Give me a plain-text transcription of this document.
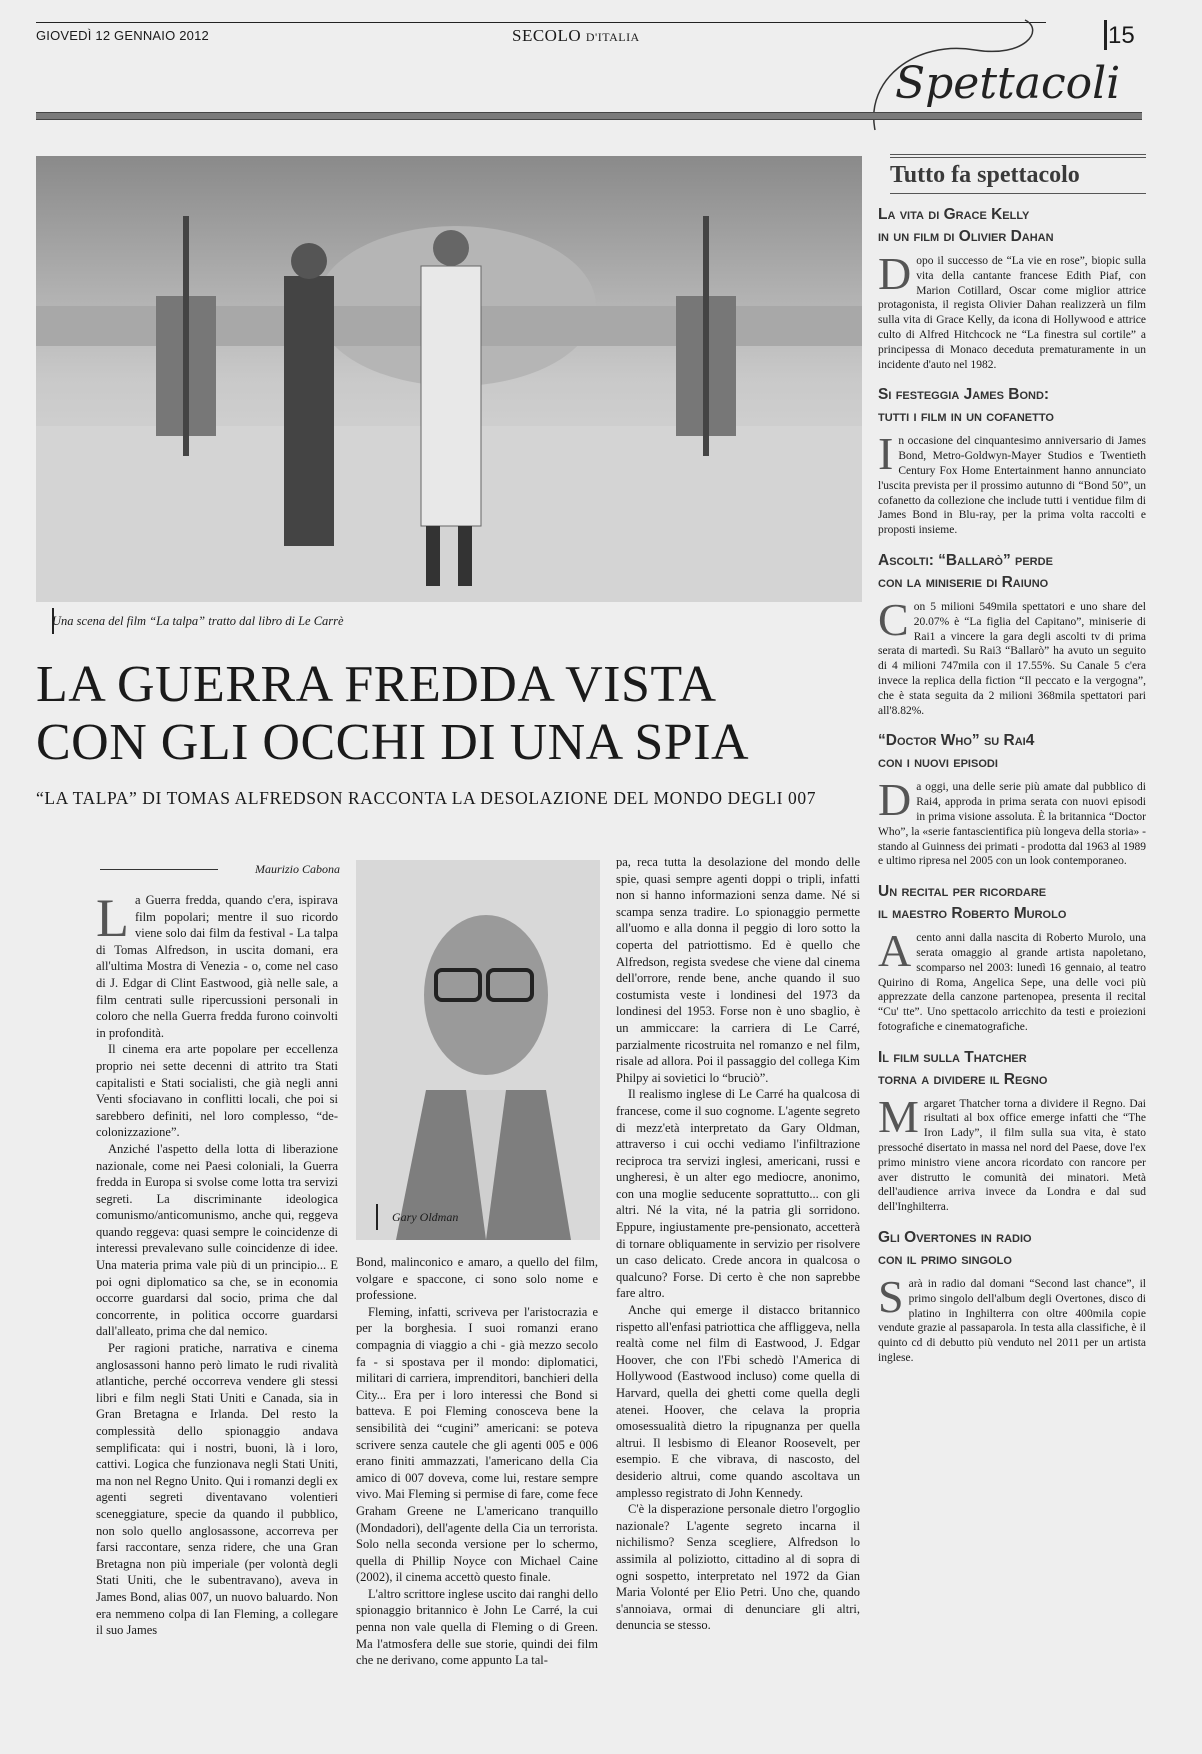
GIOVEDÌ 12 GENNAIO 2012	SECOLO D'ITALIA	15
Spettacoli
Una scena del film “La talpa” tratto dal libro di Le Carrè
LA GUERRA FREDDA VISTA
CON GLI OCCHI DI UNA SPIA
“LA TALPA” DI TOMAS ALFREDSON RACCONTA LA DESOLAZIONE DEL MONDO DEGLI 007
Maurizio Cabona

La Guerra fredda, quando c'era, ispirava film popolari; mentre il suo ricordo viene solo dai film da festival - La talpa di Tomas Alfredson, in uscita domani, era all'ultima Mostra di Venezia - o, come nel caso di J. Edgar di Clint Eastwood, già nelle sale, a film centrati sulle ripercussioni personali in coloro che nella Guerra fredda furono coinvolti in profondità.

Il cinema era arte popolare per eccellenza proprio nei sette decenni di attrito tra Stati capitalisti e Stati socialisti, che già negli anni Venti sfociavano in conflitti locali, che poi si sarebbero definiti, nel loro complesso, “de-colonizzazione”.

Anziché l'aspetto della lotta di liberazione nazionale, come nei Paesi coloniali, la Guerra fredda in Europa si svolse come lotta tra servizi segreti. La discriminante ideologica comunismo/anticomunismo, anche qui, reggeva quando reggeva: quasi sempre le coincidenze di interessi prevalevano sulle coincidenze di idee. Una materia prima vale più di un principio... E poi ogni diplomatico sa che, se in economia occorre guardarsi dal socio, prima che dal concorrente, in politica occorre guardarsi dall'alleato, prima che dal nemico.

Per ragioni pratiche, narrativa e cinema anglosassoni hanno però limato le rudi rivalità atlantiche, perché occorreva vendere gli stessi libri e film negli Stati Uniti e Canada, sia in Gran Bretagna e Irlanda. Del resto la complessità dello spionaggio andava semplificata: qui i nostri, buoni, là i loro, cattivi. Logica che funzionava negli Stati Uniti, ma non nel Regno Unito. Qui i romanzi degli ex agenti segreti diventavano volentieri sceneggiature, specie da quando il pubblico, non solo quello anglosassone, accorreva per farsi raccontare, senza ridere, che una Gran Bretagna non più imperiale (per volontà degli Stati Uniti, che le subentravano), aveva in James Bond, alias 007, un nuovo baluardo. Non era nemmeno colpa di Ian Fleming, a collegare il suo James

Gary Oldman

Bond, malinconico e amaro, a quello del film, volgare e spaccone, ci sono solo nome e professione.

Fleming, infatti, scriveva per l'aristocrazia e per la borghesia. I suoi romanzi erano compagnia di viaggio a chi - già mezzo secolo fa - si spostava per il mondo: diplomatici, militari di carriera, imprenditori, banchieri della City... Era per i loro interessi che Bond si batteva. E poi Fleming conosceva bene la sensibilità dei “cugini” americani: se poteva scrivere senza cautele che gli agenti 005 e 006 erano finiti ammazzati, l'americano della Cia amico di 007 doveva, come lui, restare sempre vivo. Mai Fleming si permise di fare, come fece Graham Greene ne L'americano tranquillo (Mondadori), dell'agente della Cia un terrorista. Solo nella seconda versione per lo schermo, quella di Phillip Noyce con Michael Caine (2002), il cinema accettò questo finale.

L'altro scrittore inglese uscito dai ranghi dello spionaggio britannico è John Le Carré, la cui penna non vale quella di Fleming o di Green. Ma l'atmosfera delle sue storie, quindi dei film che ne derivano, come appunto La tal-

pa, reca tutta la desolazione del mondo delle spie, quasi sempre agenti doppi o tripli, infatti non si hanno informazioni senza dame. Né si scampa senza tradire. Lo spionaggio permette all'uomo e alla donna il peggio di loro sotto la coperta del patriottismo. Ed è quello che Alfredson, regista svedese che viene dal cinema dell'orrore, rende bene, anche quando il suo costumista veste i londinesi del 1973 da londinesi del 1953. Forse non è uno sbaglio, è un ammiccare: la carriera di Le Carré, parzialmente ricostruita nel romanzo e nel film, risale ad allora. Poi il passaggio del collega Kim Philpy ai sovietici lo “bruciò”.

Il realismo inglese di Le Carré ha qualcosa di francese, come il suo cognome. L'agente segreto di mezz'età interpretato da Gary Oldman, attraverso i cui occhi vediamo l'infiltrazione reciproca tra servizi inglesi, americani, russi e ungheresi, è un alter ego mediocre, anonimo, con una moglie seducente soprattutto... con gli altri. Né la vita, né la patria gli sorridono. Eppure, ingiustamente pre-pensionato, accetterà di tornare obliquamente in servizio per risolvere un caso delicato. Crede ancora in qualcosa o qualcuno? Forse. Di certo è che non saprebbe fare altro.

Anche qui emerge il distacco britannico rispetto all'enfasi patriottica che affliggeva, nella realtà come nel film di Eastwood, J. Edgar Hoover, che con l'Fbi schedò l'America di Hollywood (Eastwood incluso) come quella di Harvard, quella dei ghetti come quella degli atenei. Hoover, che celava la propria omosessualità dietro la ripugnanza per quella altrui. Il lesbismo di Eleanor Roosevelt, per esempio. E che vibrava, di nascosto, del desiderio altrui, come quando ascoltava un amplesso registrato di John Kennedy.

C'è la disperazione personale dietro l'orgoglio nazionale? L'agente segreto incarna il nichilismo? Senza scegliere, Alfredson lo assimila al poliziotto, cittadino al di sopra di ogni sospetto, interpretato nel 1972 da Gian Maria Volonté per Elio Petri. Uno che, quando s'annoiava, ormai di denunciare gli altri, denuncia se stesso.

Tutto fa spettacolo
La vita di Grace Kelly
in un film di Olivier Dahan
Dopo il successo de “La vie en rose”, biopic sulla vita della cantante francese Edith Piaf, con Marion Cotillard, Oscar come miglior attrice protagonista, il regista Olivier Dahan realizzerà un film sulla vita di Grace Kelly, da icona di Hollywood e attrice culto di Alfred Hitchcock ne “La finestra sul cortile” a principessa di Monaco deceduta prematuramente in un incidente d'auto nel 1982.
Si festeggia James Bond:
tutti i film in un cofanetto
In occasione del cinquantesimo anniversario di James Bond, Metro-Goldwyn-Mayer Studios e Twentieth Century Fox Home Entertainment hanno annunciato l'uscita prevista per il prossimo autunno di “Bond 50”, un cofanetto da collezione che include tutti i ventidue film di James Bond in Blu-ray, per la prima volta raccolti e proposti insieme.
Ascolti: “Ballarò” perde
con la miniserie di Raiuno
Con 5 milioni 549mila spettatori e uno share del 20.07% è “La figlia del Capitano”, miniserie di Rai1 a vincere la gara degli ascolti tv di prima serata di martedì. Su Rai3 “Ballarò” ha avuto un seguito di 4 milioni 747mila con il 17.55%. Su Canale 5 c'era invece la replica della fiction “Il peccato e la vergogna”, che è stata seguita da 2 milioni 368mila spettatori pari all'8.82%.
“Doctor Who” su Rai4
con i nuovi episodi
Da oggi, una delle serie più amate dal pubblico di Rai4, approda in prima serata con nuovi episodi in prima visione assoluta. È la britannica “Doctor Who”, la «serie fantascientifica più longeva della storia» - stando al Guinness dei primati - prodotta dal 1963 al 1989 e ultimo ripresa nel 2005 con un look contemporaneo.
Un recital per ricordare
il maestro Roberto Murolo
Acento anni dalla nascita di Roberto Murolo, una serata omaggio al grande artista napoletano, scomparso nel 2003: lunedì 16 gennaio, al teatro Quirino di Roma, Angelica Sepe, una delle voci più apprezzate della canzone partenopea, presenta il recital “Cu' tte”. Uno spettacolo arricchito da testi e proiezioni fotografiche e cinematografiche.
Il film sulla Thatcher
torna a dividere il Regno
Margaret Thatcher torna a dividere il Regno. Dai risultati al box office emerge infatti che “The Iron Lady”, il film sulla sua vita, è stato pressoché disertato in massa nel nord del Paese, dove l'ex primo ministro viene ancora ricordato con rancore per aver distrutto le comunità dei minatori. Metà dell'audience arriva invece da Londra e dal sud dell'Inghilterra.
Gli Overtones in radio
con il primo singolo
Sarà in radio dal domani “Second last chance”, il primo singolo dell'album degli Overtones, disco di platino in Inghilterra con oltre 400mila copie vendute grazie al passaparola. In testa alla classifiche, è il quinto cd di debutto più venduto nel 2011 per un artista inglese.
